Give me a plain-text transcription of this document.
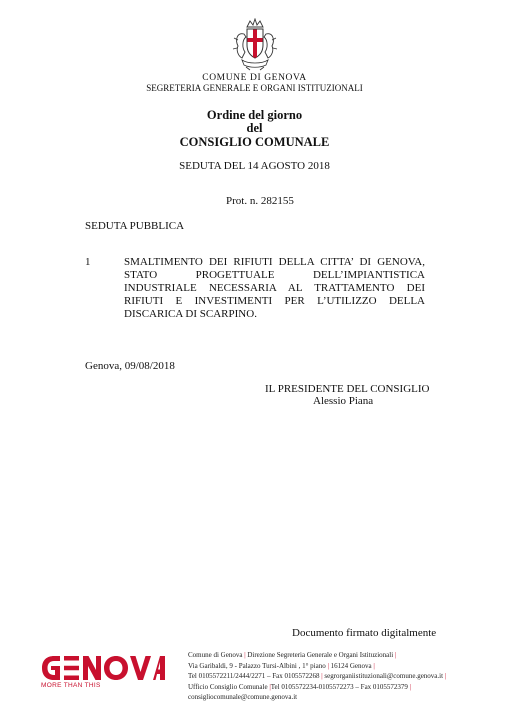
COMUNE DI GENOVA
SEGRETERIA GENERALE E ORGANI ISTITUZIONALI
Ordine del giorno
del
CONSIGLIO COMUNALE
SEDUTA DEL 14 AGOSTO 2018
Prot. n. 282155
SEDUTA PUBBLICA
1	SMALTIMENTO DEI RIFIUTI DELLA CITTA’ DI GENOVA, STATO PROGETTUALE DELL’IMPIANTISTICA INDUSTRIALE NECESSARIA AL TRATTAMENTO DEI RIFIUTI E INVESTIMENTI PER L’UTILIZZO DELLA DISCARICA DI SCARPINO.
Genova, 09/08/2018
IL PRESIDENTE DEL CONSIGLIO
Alessio Piana
Documento firmato digitalmente
MORE THAN THIS
Comune di Genova | Direzione Segreteria Generale e Organi Istituzionali |
Via Garibaldi, 9 - Palazzo Tursi-Albini , 1° piano | 16124 Genova |
Tel 0105572211/2444/2271 – Fax 0105572268 | segrorganiistituzionali@comune.genova.it |
Ufficio Consiglio Comunale |Tel 0105572234-0105572273 – Fax 0105572379 |
consigliocomunale@comune.genova.it
